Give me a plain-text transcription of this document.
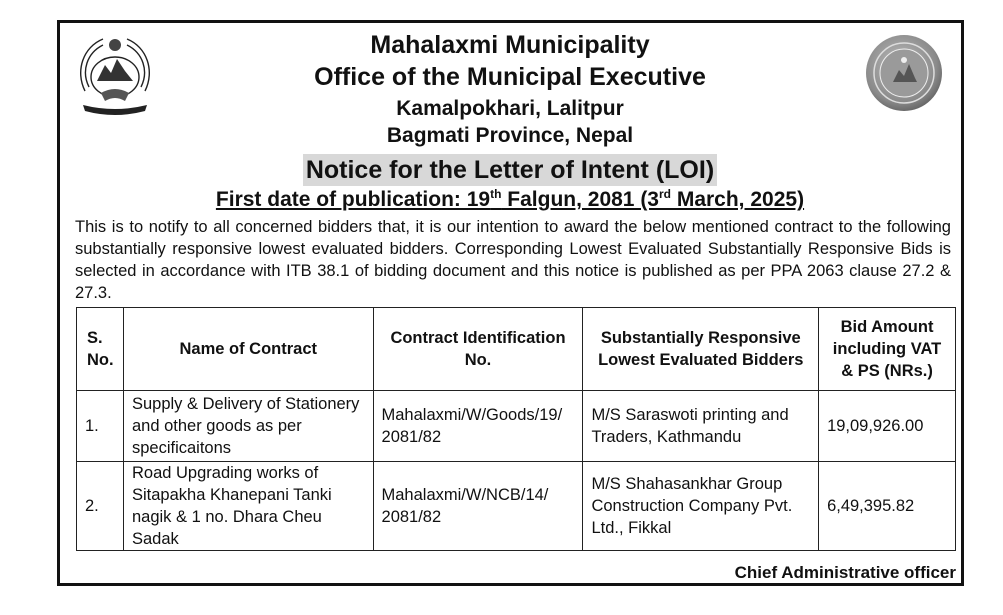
Mahalaxmi Municipality
Office of the Municipal Executive
Kamalpokhari, Lalitpur
Bagmati Province, Nepal
Notice for the Letter of Intent (LOI)
First date of publication: 19th Falgun, 2081 (3rd March, 2025)

This is to notify to all concerned bidders that, it is our intention to award the below mentioned contract to the following substantially responsive lowest evaluated bidders. Corresponding Lowest Evaluated Substantially Responsive Bids is selected in accordance with ITB 38.1 of bidding document and this notice is published as per PPA 2063 clause 27.2 & 27.3.

S. No.	Name of Contract	Contract Identification No.	Substantially Responsive Lowest Evaluated Bidders	Bid Amount including VAT & PS (NRs.)
1.	Supply & Delivery of Stationery and other goods as per specificaitons	Mahalaxmi/W/Goods/19/ 2081/82	M/S Saraswoti printing and Traders, Kathmandu	19,09,926.00
2.	Road Upgrading works of Sitapakha Khanepani Tanki nagik & 1 no. Dhara Cheu Sadak	Mahalaxmi/W/NCB/14/ 2081/82	M/S Shahasankhar Group Construction Company Pvt. Ltd., Fikkal	6,49,395.82
Chief Administrative officer
